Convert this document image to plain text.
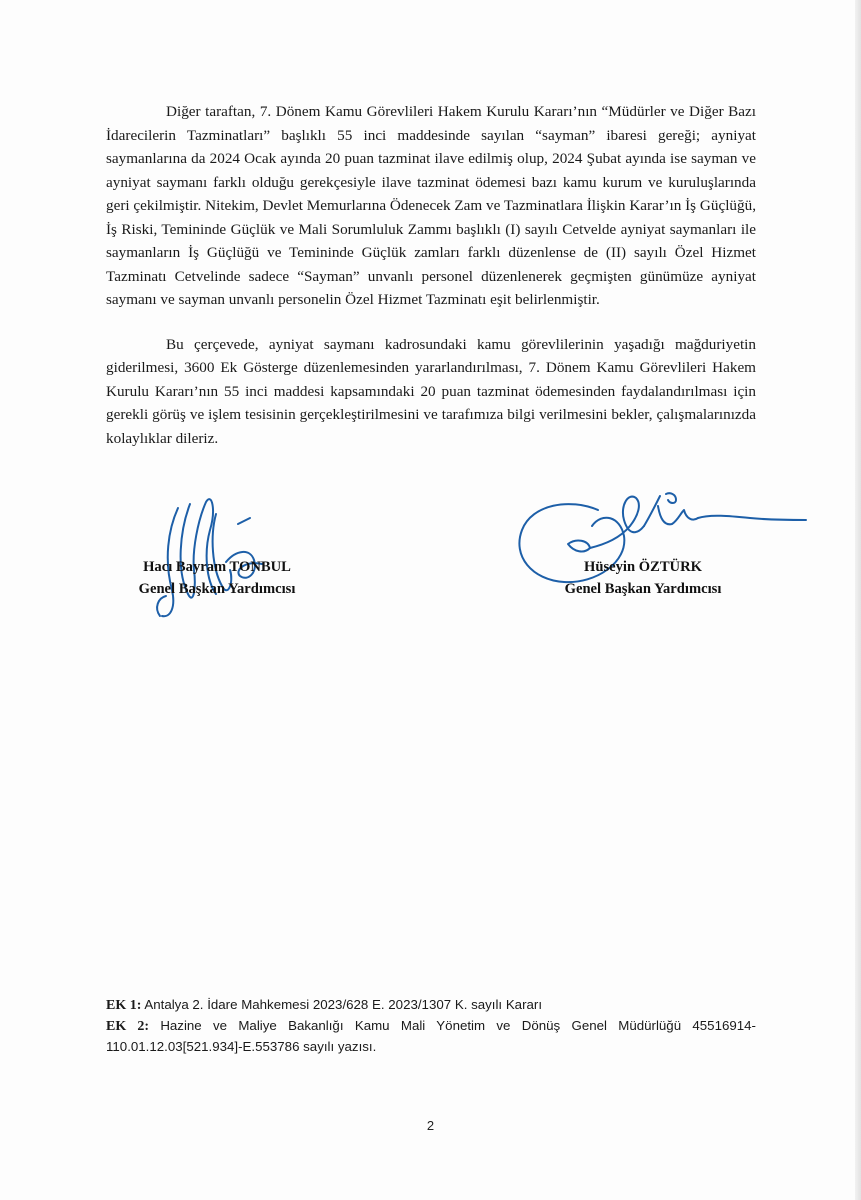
Diğer taraftan, 7. Dönem Kamu Görevlileri Hakem Kurulu Kararı’nın “Müdürler ve Diğer Bazı İdarecilerin Tazminatları” başlıklı 55 inci maddesinde sayılan “sayman” ibaresi gereği; ayniyat saymanlarına da 2024 Ocak ayında 20 puan tazminat ilave edilmiş olup, 2024 Şubat ayında ise sayman ve ayniyat saymanı farklı olduğu gerekçesiyle ilave tazminat ödemesi bazı kamu kurum ve kuruluşlarında geri çekilmiştir. Nitekim, Devlet Memurlarına Ödenecek Zam ve Tazminatlara İlişkin Karar’ın İş Güçlüğü, İş Riski, Temininde Güçlük ve Mali Sorumluluk Zammı başlıklı (I) sayılı Cetvelde ayniyat saymanları ile saymanların İş Güçlüğü ve Temininde Güçlük zamları farklı düzenlense de (II) sayılı Özel Hizmet Tazminatı Cetvelinde sadece “Sayman” unvanlı personel düzenlenerek geçmişten günümüze ayniyat saymanı ve sayman unvanlı personelin Özel Hizmet Tazminatı eşit belirlenmiştir.

Bu çerçevede, ayniyat saymanı kadrosundaki kamu görevlilerinin yaşadığı mağduriyetin giderilmesi, 3600 Ek Gösterge düzenlemesinden yararlandırılması, 7. Dönem Kamu Görevlileri Hakem Kurulu Kararı’nın 55 inci maddesi kapsamındaki 20 puan tazminat ödemesinden faydalandırılması için gerekli görüş ve işlem tesisinin gerçekleştirilmesini ve tarafımıza bilgi verilmesini bekler, çalışmalarınızda kolaylıklar dileriz.

Hacı Bayram TONBUL
Genel Başkan Yardımcısı
Hüseyin ÖZTÜRK
Genel Başkan Yardımcısı

EK 1: Antalya 2. İdare Mahkemesi 2023/628 E. 2023/1307 K. sayılı Kararı

EK 2: Hazine ve Maliye Bakanlığı Kamu Mali Yönetim ve Dönüş Genel Müdürlüğü 45516914-110.01.12.03[521.934]-E.553786 sayılı yazısı.

2
